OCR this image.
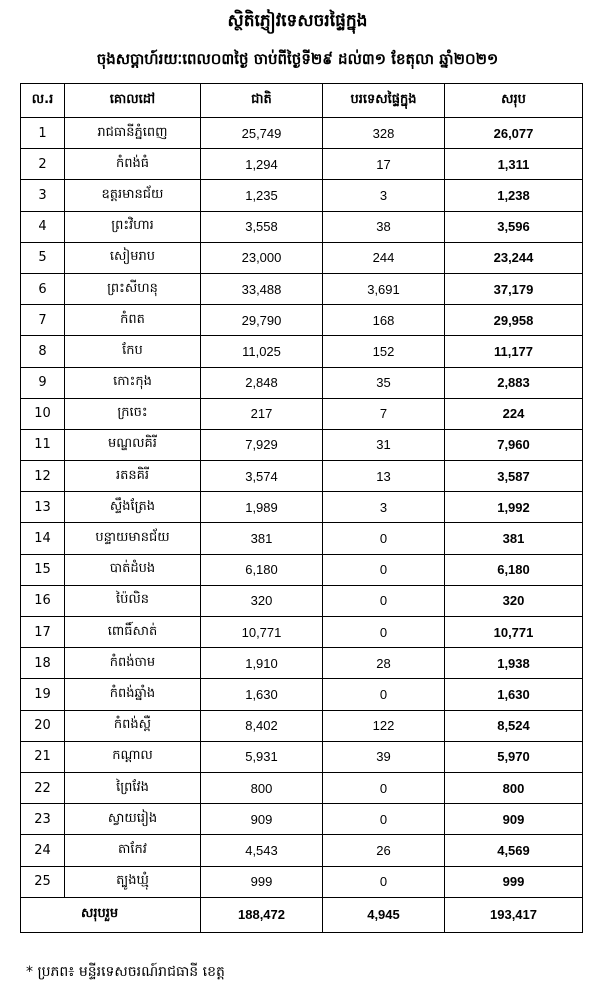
ស្ថិតិភ្ញៀវទេសចរផ្ទៃក្នុង
ចុងសប្តាហ៍រយៈពេល០៣ថ្ងៃ ចាប់ពីថ្ងៃទី២៩ ដល់៣១ ខែតុលា ឆ្នាំ២០២១
ល.រ	គោលដៅ	ជាតិ	បរទេសផ្ទៃក្នុង	សរុប
1	រាជធានីភ្នំពេញ	25,749	328	26,077
2	កំពង់ធំ	1,294	17	1,311
3	ឧត្តរមានជ័យ	1,235	3	1,238
4	ព្រះវិហារ	3,558	38	3,596
5	សៀមរាប	23,000	244	23,244
6	ព្រះសីហនុ	33,488	3,691	37,179
7	កំពត	29,790	168	29,958
8	កែប	11,025	152	11,177
9	កោះកុង	2,848	35	2,883
10	ក្រចេះ	217	7	224
11	មណ្ឌលគិរី	7,929	31	7,960
12	រតនគិរី	3,574	13	3,587
13	ស្ទឹងត្រែង	1,989	3	1,992
14	បន្ទាយមានជ័យ	381	0	381
15	បាត់ដំបង	6,180	0	6,180
16	ប៉ៃលិន	320	0	320
17	ពោធិ៍សាត់	10,771	0	10,771
18	កំពង់ចាម	1,910	28	1,938
19	កំពង់ឆ្នាំង	1,630	0	1,630
20	កំពង់ស្ពឺ	8,402	122	8,524
21	កណ្តាល	5,931	39	5,970
22	ព្រៃវែង	800	0	800
23	ស្វាយរៀង	909	0	909
24	តាកែវ	4,543	26	4,569
25	ត្បូងឃ្មុំ	999	0	999
សរុបរួម		188,472	4,945	193,417
* ប្រភព៖ មន្ទីរទេសចរណ៍រាជធានី ខេត្ត
